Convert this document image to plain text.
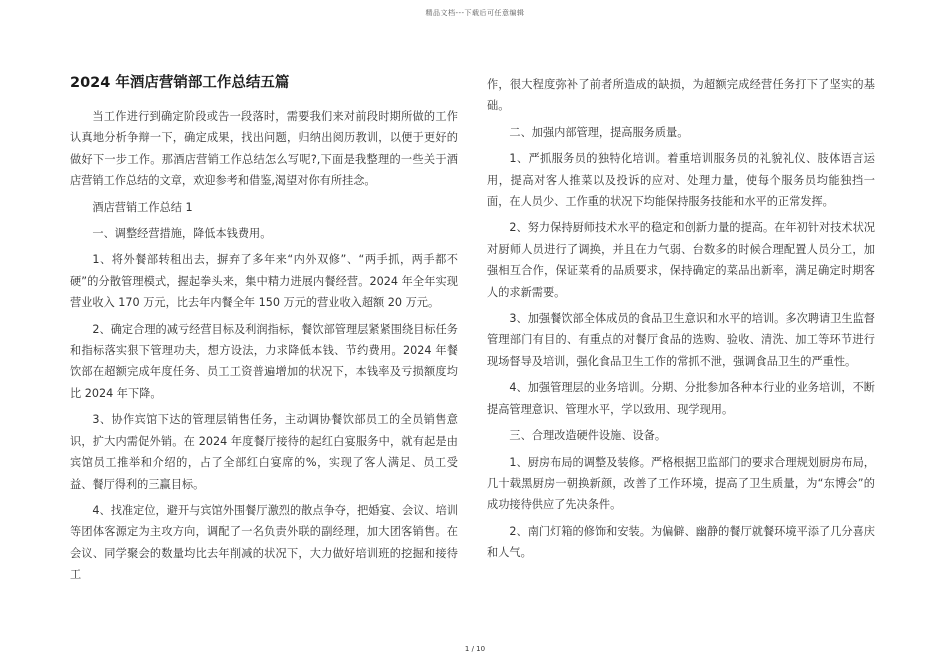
精品文档---下载后可任意编辑
2024 年酒店营销部工作总结五篇

当工作进行到确定阶段或告一段落时，需要我们来对前段时期所做的工作认真地分析争辩一下，确定成果，找出问题，归纳出阅历教训，以便于更好的做好下一步工作。那酒店营销工作总结怎么写呢?,下面是我整理的一些关于酒店营销工作总结的文章，欢迎参考和借鉴,渴望对你有所挂念。

酒店营销工作总结 1

一、调整经营措施，降低本钱费用。

1、将外餐部转租出去，摒弃了多年来“内外双修”、“两手抓，两手都不硬”的分散管理模式，握起拳头来，集中精力进展内餐经营。2024 年全年实现营业收入 170 万元，比去年内餐全年 150 万元的营业收入超额 20 万元。

2、确定合理的减亏经营目标及利润指标，餐饮部管理层紧紧围绕目标任务和指标落实狠下管理功夫，想方设法，力求降低本钱、节约费用。2024 年餐饮部在超额完成年度任务、员工工资普遍增加的状况下，本钱率及亏损额度均比 2024 年下降。

3、协作宾馆下达的管理层销售任务，主动调协餐饮部员工的全员销售意识，扩大内需促外销。在 2024 年度餐厅接待的起红白宴服务中，就有起是由宾馆员工推举和介绍的，占了全部红白宴席的%，实现了客人满足、员工受益、餐厅得利的三赢目标。

4、找准定位，避开与宾馆外围餐厅激烈的散点争夺，把婚宴、会议、培训等团体客源定为主攻方向，调配了一名负责外联的副经理，加大团客销售。在会议、同学聚会的数量均比去年削减的状况下，大力做好培训班的挖掘和接待工

作，很大程度弥补了前者所造成的缺损，为超额完成经营任务打下了坚实的基础。

二、加强内部管理，提高服务质量。

1、严抓服务员的独特化培训。着重培训服务员的礼貌礼仪、肢体语言运用，提高对客人推菜以及投诉的应对、处理力量，使每个服务员均能独挡一面，在人员少、工作重的状况下均能保持服务技能和水平的正常发挥。

2、努力保持厨师技术水平的稳定和创新力量的提高。在年初针对技术状况对厨师人员进行了调换，并且在力气弱、台数多的时候合理配置人员分工，加强相互合作，保证菜肴的品质要求，保持确定的菜品出新率，满足确定时期客人的求新需要。

3、加强餐饮部全体成员的食品卫生意识和水平的培训。多次聘请卫生监督管理部门有目的、有重点的对餐厅食品的选购、验收、清洗、加工等环节进行现场督导及培训，强化食品卫生工作的常抓不泄，强调食品卫生的严重性。

4、加强管理层的业务培训。分期、分批参加各种本行业的业务培训，不断提高管理意识、管理水平，学以致用、现学现用。

三、合理改造硬件设施、设备。

1、厨房布局的调整及装修。严格根据卫监部门的要求合理规划厨房布局，几十载黑厨房一朝换新颜，改善了工作环境，提高了卫生质量，为“东博会”的成功接待供应了先决条件。

2、南门灯箱的修饰和安装。为偏僻、幽静的餐厅就餐环境平添了几分喜庆和人气。

1 / 10
